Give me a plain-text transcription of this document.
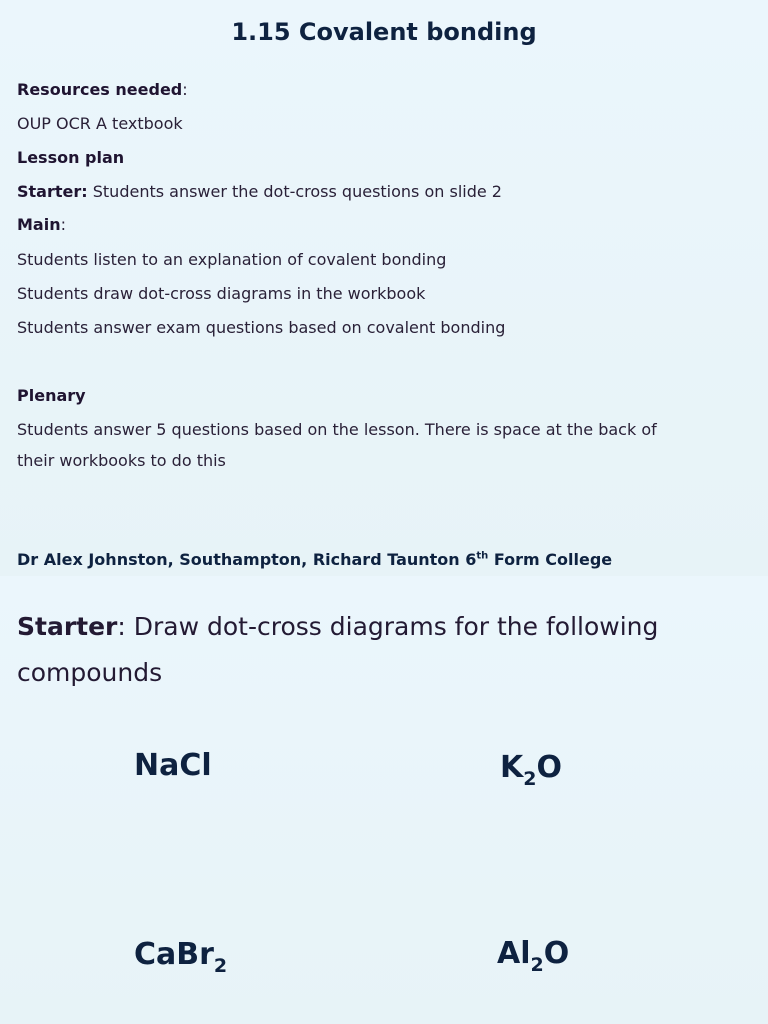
1.15 Covalent bonding
Resources needed:
OUP OCR A textbook
Lesson plan
Starter: Students answer the dot-cross questions on slide 2
Main:
Students listen to an explanation of covalent bonding
Students draw dot-cross diagrams in the workbook
Students answer exam questions based on covalent bonding
Plenary
Students answer 5 questions based on the lesson. There is space at the back of
their workbooks to do this
Dr Alex Johnston, Southampton, Richard Taunton 6th Form College
Starter: Draw dot-cross diagrams for the following compounds
NaCl	$K_2O$
CaBr$_2$	$Al_2O$
